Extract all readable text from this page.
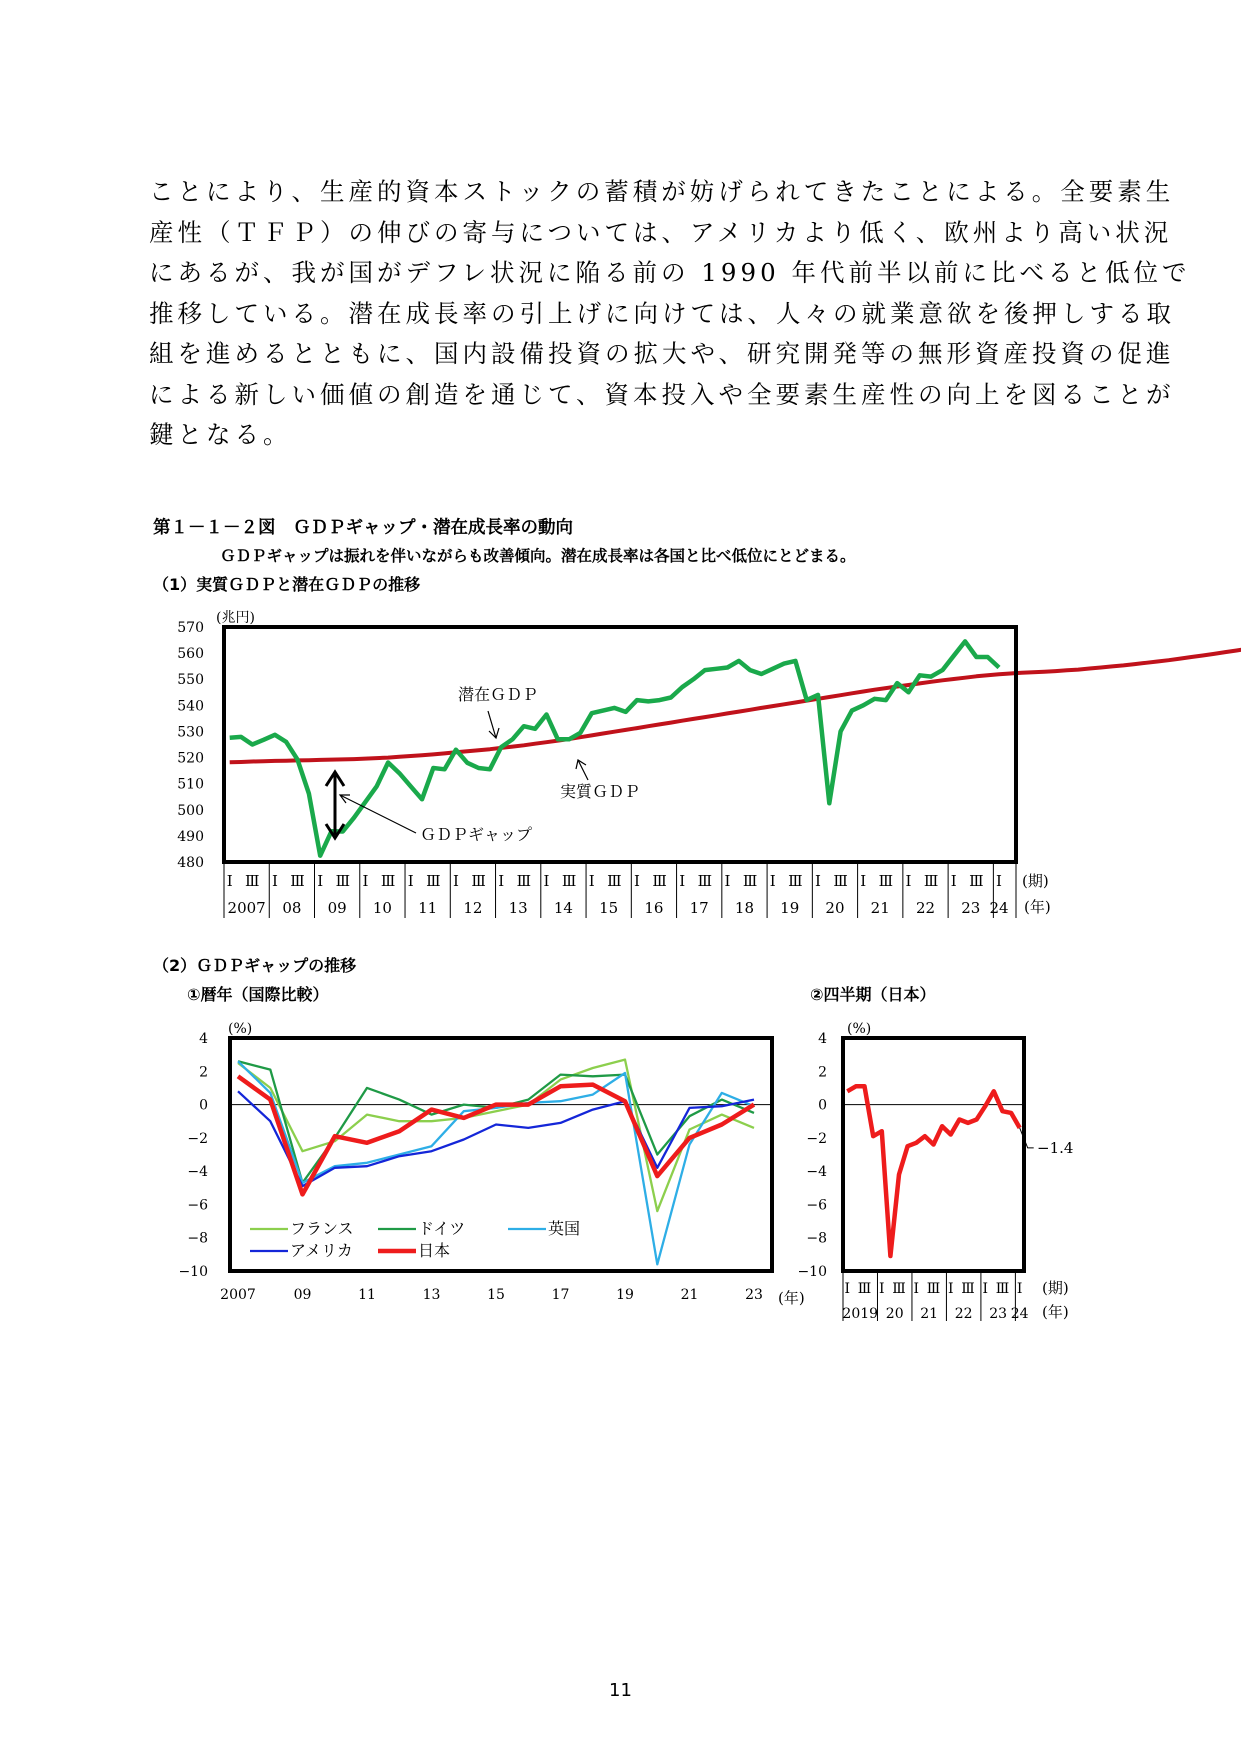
ことにより、生産的資本ストックの蓄積が妨げられてきたことによる。全要素生
産性（ＴＦＰ）の伸びの寄与については、アメリカより低く、欧州より高い状況
にあるが、我が国がデフレ状況に陥る前の 1990 年代前半以前に比べると低位で
推移している。潜在成長率の引上げに向けては、人々の就業意欲を後押しする取
組を進めるとともに、国内設備投資の拡大や、研究開発等の無形資産投資の促進
による新しい価値の創造を通じて、資本投入や全要素生産性の向上を図ることが
鍵となる。
第１－１－２図　ＧＤＰギャップ・潜在成長率の動向
ＧＤＰギャップは振れを伴いながらも改善傾向。潜在成長率は各国と比べ低位にとどまる。
（1）実質ＧＤＰと潜在ＧＤＰの推移
（2）ＧＤＰギャップの推移
①暦年（国際比較）	②四半期（日本）
480
490
500
510
520
530
540
550
560
570
(兆円)
I Ⅲ
2007
I Ⅲ
08
I Ⅲ
09
I Ⅲ
10
I Ⅲ
11
I Ⅲ
12
I Ⅲ
13
I Ⅲ
14
I Ⅲ
15
I Ⅲ
16
I Ⅲ
17
I Ⅲ
18
I Ⅲ
19
I Ⅲ
20
I Ⅲ
21
I Ⅲ
22
I Ⅲ
23
I
24
(期)
(年)
潜在ＧＤＰ
実質ＧＤＰ
ＧＤＰギャップ
4
2
0
−2
−4
−6
−8
−10
(%)
2007	09	11	13	15	17	19	21	23 (年)
フランス	ドイツ	英国
アメリカ	日本
4
2
0
−2
−4
−6
−8
−10
(%)
−1.4
I Ⅲ
2019
I Ⅲ
20
I Ⅲ
21
I Ⅲ
22
I Ⅲ
23
I
24
(期)
(年)
11
